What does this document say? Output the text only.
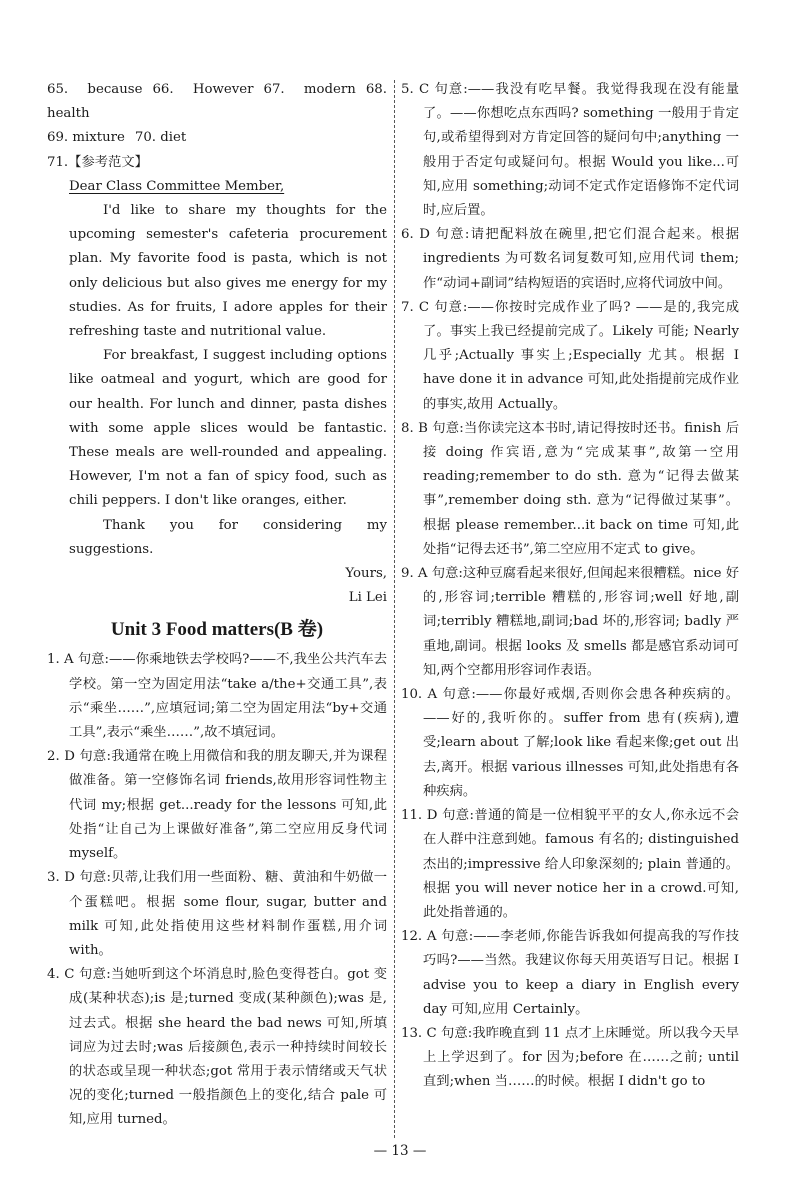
65. because 66. However 67. modern 68. health

69. mixture 70. diet

71.【参考范文】

Dear Class Committee Member,

I'd like to share my thoughts for the upcoming semester's cafeteria procurement plan. My favorite food is pasta, which is not only delicious but also gives me energy for my studies. As for fruits, I adore apples for their refreshing taste and nutritional value.

For breakfast, I suggest including options like oatmeal and yogurt, which are good for our health. For lunch and dinner, pasta dishes with some apple slices would be fantastic. These meals are well-rounded and appealing. However, I'm not a fan of spicy food, such as chili peppers. I don't like oranges, either.

Thank you for considering my suggestions.

Yours,

Li Lei

Unit 3 Food matters(B 卷)

1. A 句意:——你乘地铁去学校吗?——不,我坐公共汽车去学校。第一空为固定用法“take a/the+交通工具”,表示“乘坐……”,应填冠词;第二空为固定用法“by+交通工具”,表示“乘坐……”,故不填冠词。

2. D 句意:我通常在晚上用微信和我的朋友聊天,并为课程做准备。第一空修饰名词 friends,故用形容词性物主代词 my;根据 get...ready for the lessons 可知,此处指“让自己为上课做好准备”,第二空应用反身代词 myself。

3. D 句意:贝蒂,让我们用一些面粉、糖、黄油和牛奶做一个蛋糕吧。根据 some flour, sugar, butter and milk 可知,此处指使用这些材料制作蛋糕,用介词 with。

4. C 句意:当她听到这个坏消息时,脸色变得苍白。got 变成(某种状态);is 是;turned 变成(某种颜色);was 是,过去式。根据 she heard the bad news 可知,所填词应为过去时;was 后接颜色,表示一种持续时间较长的状态或呈现一种状态;got 常用于表示情绪或天气状况的变化;turned 一般指颜色上的变化,结合 pale 可知,应用 turned。

5. C 句意:——我没有吃早餐。我觉得我现在没有能量了。——你想吃点东西吗? something 一般用于肯定句,或希望得到对方肯定回答的疑问句中;anything 一般用于否定句或疑问句。根据 Would you like...可知,应用 something;动词不定式作定语修饰不定代词时,应后置。

6. D 句意:请把配料放在碗里,把它们混合起来。根据 ingredients 为可数名词复数可知,应用代词 them;作“动词+副词”结构短语的宾语时,应将代词放中间。

7. C 句意:——你按时完成作业了吗? ——是的,我完成了。事实上我已经提前完成了。Likely 可能; Nearly 几乎;Actually 事实上;Especially 尤其。根据 I have done it in advance 可知,此处指提前完成作业的事实,故用 Actually。

8. B 句意:当你读完这本书时,请记得按时还书。finish 后接 doing 作宾语,意为“完成某事”,故第一空用 reading;remember to do sth. 意为“记得去做某事”,remember doing sth. 意为“记得做过某事”。根据 please remember...it back on time 可知,此处指“记得去还书”,第二空应用不定式 to give。

9. A 句意:这种豆腐看起来很好,但闻起来很糟糕。nice 好的,形容词;terrible 糟糕的,形容词;well 好地,副词;terribly 糟糕地,副词;bad 坏的,形容词; badly 严重地,副词。根据 looks 及 smells 都是感官系动词可知,两个空都用形容词作表语。

10. A 句意:——你最好戒烟,否则你会患各种疾病的。——好的,我听你的。suffer from 患有(疾病),遭受;learn about 了解;look like 看起来像;get out 出去,离开。根据 various illnesses 可知,此处指患有各种疾病。

11. D 句意:普通的简是一位相貌平平的女人,你永远不会在人群中注意到她。famous 有名的; distinguished 杰出的;impressive 给人印象深刻的; plain 普通的。根据 you will never notice her in a crowd.可知,此处指普通的。

12. A 句意:——李老师,你能告诉我如何提高我的写作技巧吗?——当然。我建议你每天用英语写日记。根据 I advise you to keep a diary in English every day 可知,应用 Certainly。

13. C 句意:我昨晚直到 11 点才上床睡觉。所以我今天早上上学迟到了。for 因为;before 在……之前; until 直到;when 当……的时候。根据 I didn't go to

— 13 —
